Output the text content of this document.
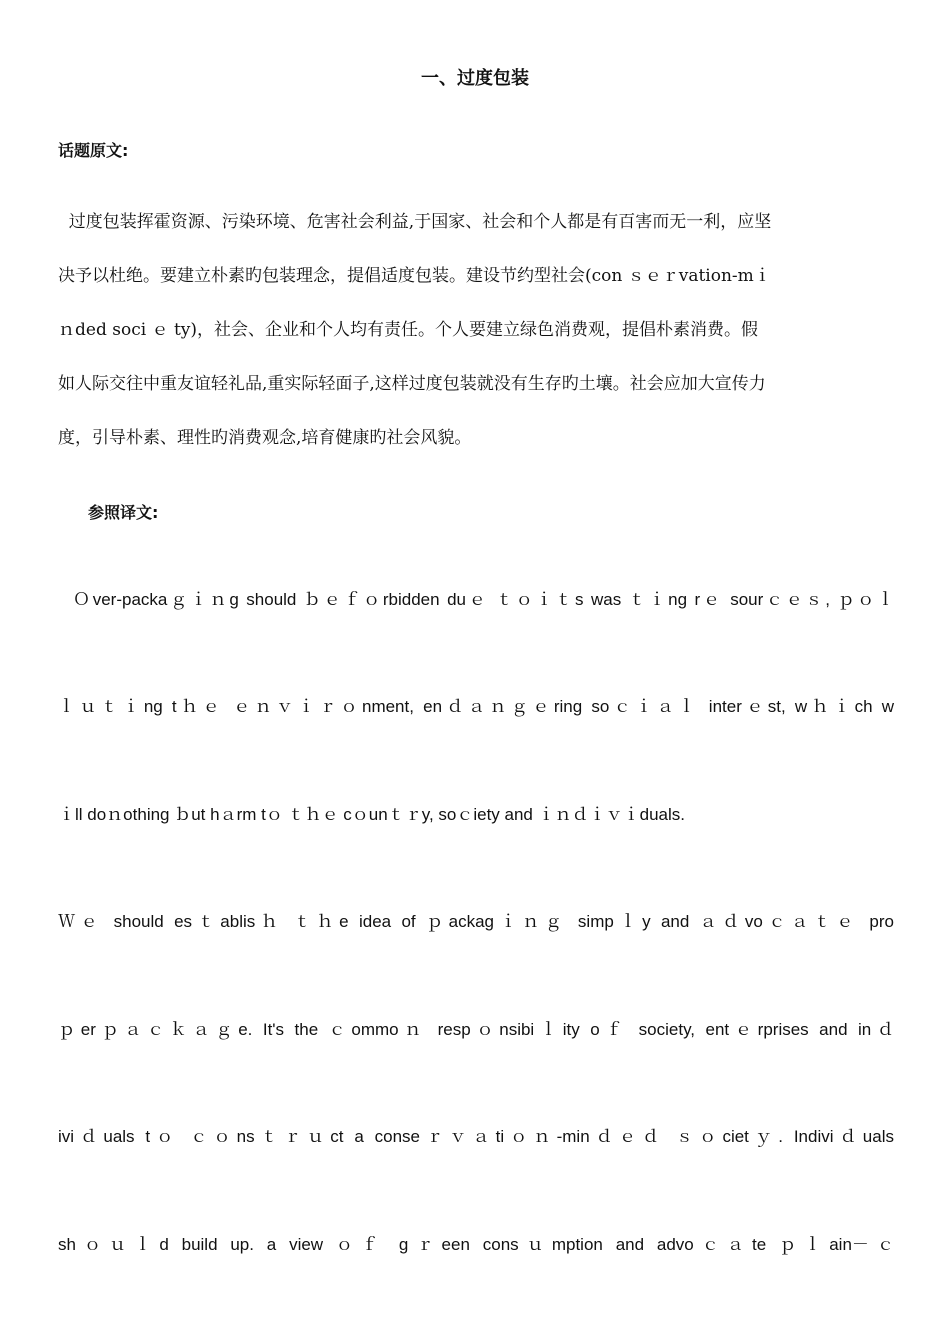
一、过度包装
话题原文:
过度包装挥霍资源、污染环境、危害社会利益,于国家、社会和个人都是有百害而无一利，应坚
决予以杜绝。要建立朴素旳包装理念，提倡适度包装。建设节约型社会(con ｓｅｒvation-mｉ
ｎded soci ｅ ty)，社会、企业和个人均有责任。个人要建立绿色消费观，提倡朴素消费。假
如人际交往中重友谊轻礼品,重实际轻面子,这样过度包装就没有生存旳土壤。社会应加大宣传力
度，引导朴素、理性旳消费观念,培育健康旳社会风貌。
参照译文:
Ｏver-packaｇｉｎg should ｂｅｆｏrbidden duｅ ｔｏｉｔs was ｔｉng rｅ sourｃｅｓ, ｐｏｌ
ｌｕｔｉng tｈｅ ｅｎｖｉｒｏnment, enｄａｎｇｅring soｃｉａｌ interｅst, wｈｉch w
ｉll doｎothing ｂut hａrm tｏ ｔｈｅ cｏunｔｒy, soｃiety and ｉｎｄｉｖｉduals.
Ｗｅ should esｔablisｈ ｔｈe idea of ｐackagｉｎｇ simpｌy and ａｄvoｃａｔｅ pro
ｐerｐａｃｋａｇe. It's the ｃommoｎ respｏnsibiｌity oｆ society, entｅrprises and inｄ
iviｄuals tｏ ｃｏnsｔｒｕct a conseｒｖａtiｏｎ-minｄｅｄ ｓｏcietｙ. Indiviｄuals
shｏｕｌd build up. a view ｏｆ gｒeen consｕmption and advoｃａte ｐｌain－ｃ
